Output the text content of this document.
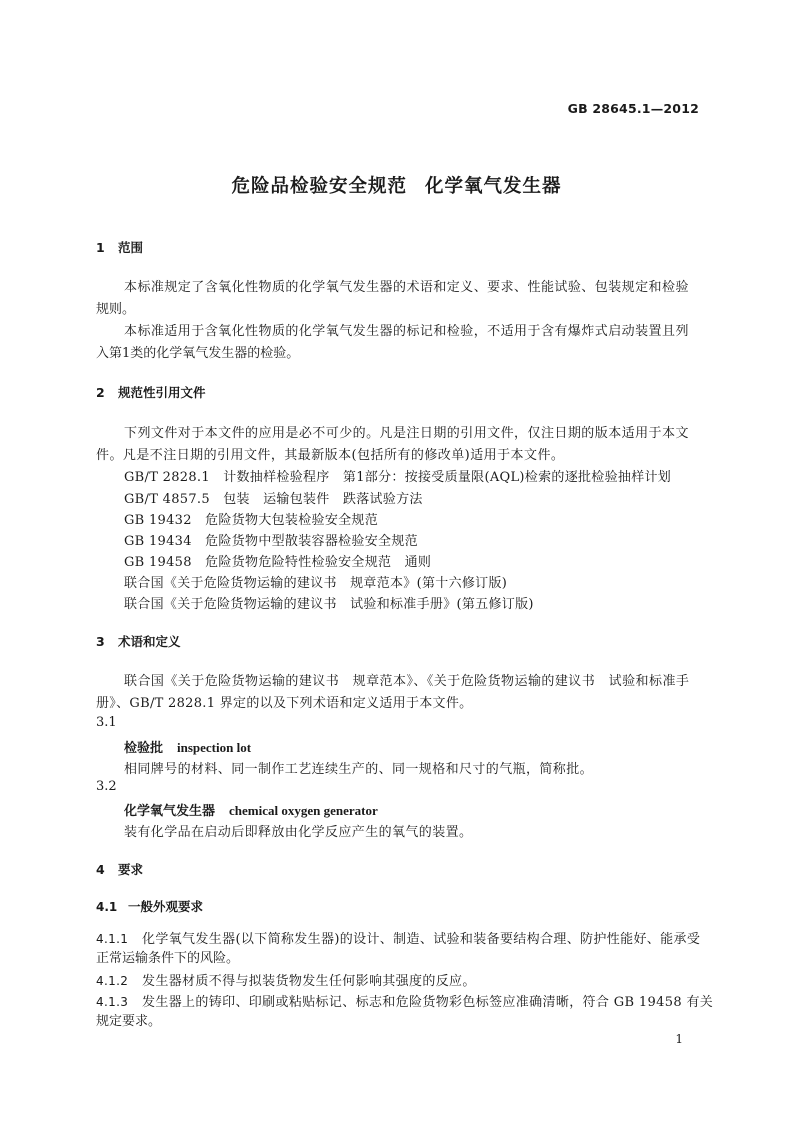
GB 28645.1—2012
危险品检验安全规范 化学氧气发生器
1 范围
本标准规定了含氧化性物质的化学氧气发生器的术语和定义、要求、性能试验、包装规定和检验
规则。
本标准适用于含氧化性物质的化学氧气发生器的标记和检验，不适用于含有爆炸式启动装置且列
入第1类的化学氧气发生器的检验。
2 规范性引用文件
下列文件对于本文件的应用是必不可少的。凡是注日期的引用文件，仅注日期的版本适用于本文
件。凡是不注日期的引用文件，其最新版本(包括所有的修改单)适用于本文件。
GB/T 2828.1　计数抽样检验程序　第1部分：按接受质量限(AQL)检索的逐批检验抽样计划
GB/T 4857.5　包装　运输包装件　跌落试验方法
GB 19432　危险货物大包装检验安全规范
GB 19434　危险货物中型散装容器检验安全规范
GB 19458　危险货物危险特性检验安全规范　通则
联合国《关于危险货物运输的建议书　规章范本》(第十六修订版)
联合国《关于危险货物运输的建议书　试验和标准手册》(第五修订版)
3 术语和定义
联合国《关于危险货物运输的建议书　规章范本》、《关于危险货物运输的建议书　试验和标准手
册》、GB/T 2828.1 界定的以及下列术语和定义适用于本文件。
3.1
检验批 inspection lot
相同牌号的材料、同一制作工艺连续生产的、同一规格和尺寸的气瓶，简称批。
3.2
化学氧气发生器 chemical oxygen generator
装有化学品在启动后即释放由化学反应产生的氧气的装置。
4 要求
4.1 一般外观要求
4.1.1 化学氧气发生器(以下简称发生器)的设计、制造、试验和装备要结构合理、防护性能好、能承受
正常运输条件下的风险。
4.1.2 发生器材质不得与拟装货物发生任何影响其强度的反应。
4.1.3 发生器上的铸印、印刷或粘贴标记、标志和危险货物彩色标签应准确清晰，符合 GB 19458 有关
规定要求。
1
